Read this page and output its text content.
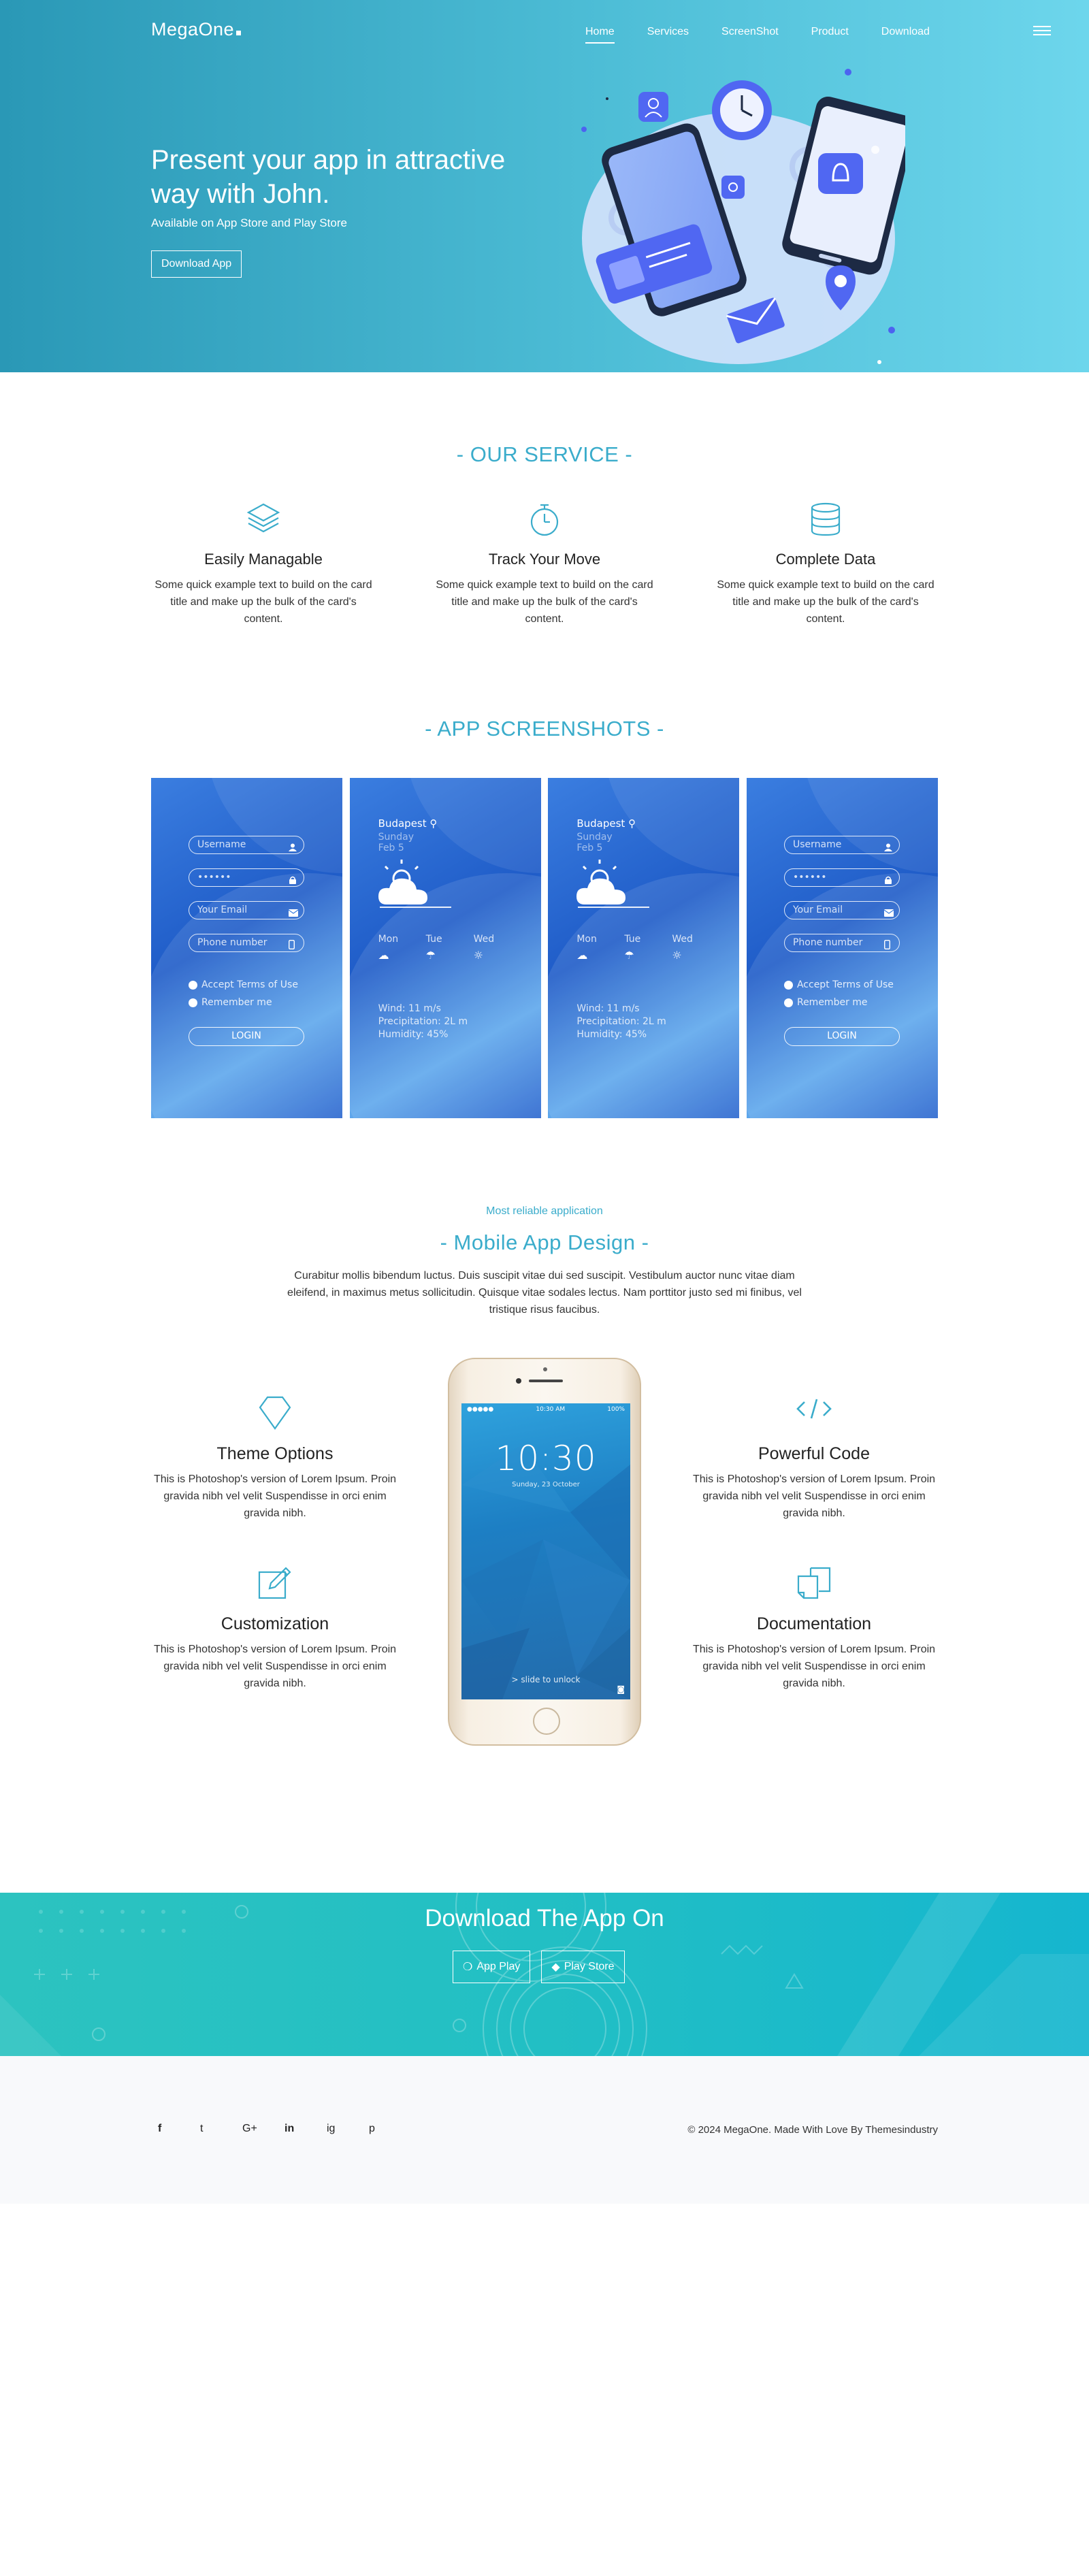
MegaOne	Home	Services	ScreenShot	Product	Download
Present your app in attractive way with John.

Available on App Store and Play Store

Download App
- OUR SERVICE -
Easily Managable

Some quick example text to build on the card title and make up the bulk of the card's content.

Track Your Move

Some quick example text to build on the card title and make up the bulk of the card's content.

Complete Data

Some quick example text to build on the card title and make up the bulk of the card's content.

- APP SCREENSHOTS -
Username
••••••
Your Email
Phone number
Accept Terms of Use
Remember me
LOGIN
Budapest ⚲
Sunday
Feb 5
Mon	Tue	Wed
☁	☂	☼
Wind: 11 m/s
Precipitation: 2L m
Humidity: 45%
Budapest ⚲
Sunday
Feb 5
Mon	Tue	Wed
☁	☂	☼
Wind: 11 m/s
Precipitation: 2L m
Humidity: 45%
Username
••••••
Your Email
Phone number
Accept Terms of Use
Remember me
LOGIN
Most reliable application
- Mobile App Design -

Curabitur mollis bibendum luctus. Duis suscipit vitae dui sed suscipit. Vestibulum auctor nunc vitae diam eleifend, in maximus metus sollicitudin. Quisque vitae sodales lectus. Nam porttitor justo sed mi finibus, vel tristique risus faucibus.

Theme Options

This is Photoshop's version of Lorem Ipsum. Proin gravida nibh vel velit Suspendisse in orci enim gravida nibh.

Customization

This is Photoshop's version of Lorem Ipsum. Proin gravida nibh vel velit Suspendisse in orci enim gravida nibh.

Powerful Code

This is Photoshop's version of Lorem Ipsum. Proin gravida nibh vel velit Suspendisse in orci enim gravida nibh.

Documentation

This is Photoshop's version of Lorem Ipsum. Proin gravida nibh vel velit Suspendisse in orci enim gravida nibh.

●●●●●	10:30 AM	100%
10:30
Sunday, 23 October
> slide to unlock
◙
Download The App On
❍ App Play	◆ Play Store
f	t	G+	in	ig	p	© 2024 MegaOne. Made With Love By Themesindustry
